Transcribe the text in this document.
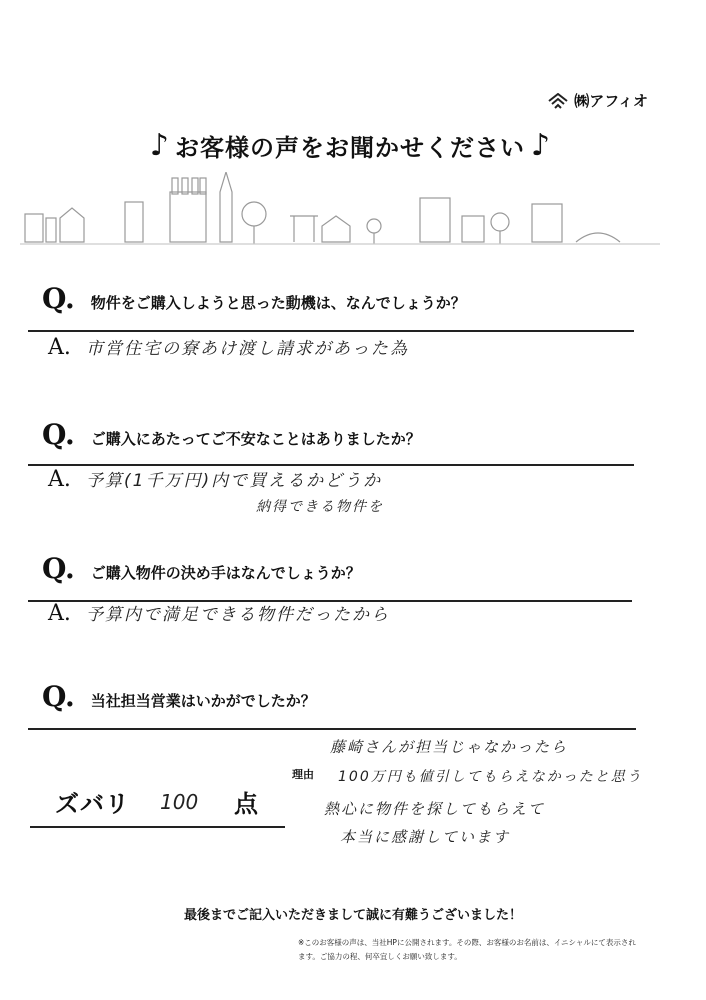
㈱アフィオ
♪ お客様の声をお聞かせください ♪
Q. 物件をご購入しようと思った動機は、なんでしょうか？
A. 市営住宅の寮あけ渡し請求があった為
Q. ご購入にあたってご不安なことはありましたか？
A. 予算(1千万円)内で買えるかどうか
納得できる物件を
Q. ご購入物件の決め手はなんでしょうか？
A. 予算内で満足できる物件だったから
Q. 当社担当営業はいかがでしたか？
ズバリ 100 点
理由
藤崎さんが担当じゃなかったら
100万円も値引してもらえなかったと思う
熱心に物件を探してもらえて
本当に感謝しています
最後までご記入いただきまして誠に有難うございました！
※このお客様の声は、当社HPに公開されます。その際、お客様のお名前は、イニシャルにて表示されます。ご協力の程、何卒宜しくお願い致します。
